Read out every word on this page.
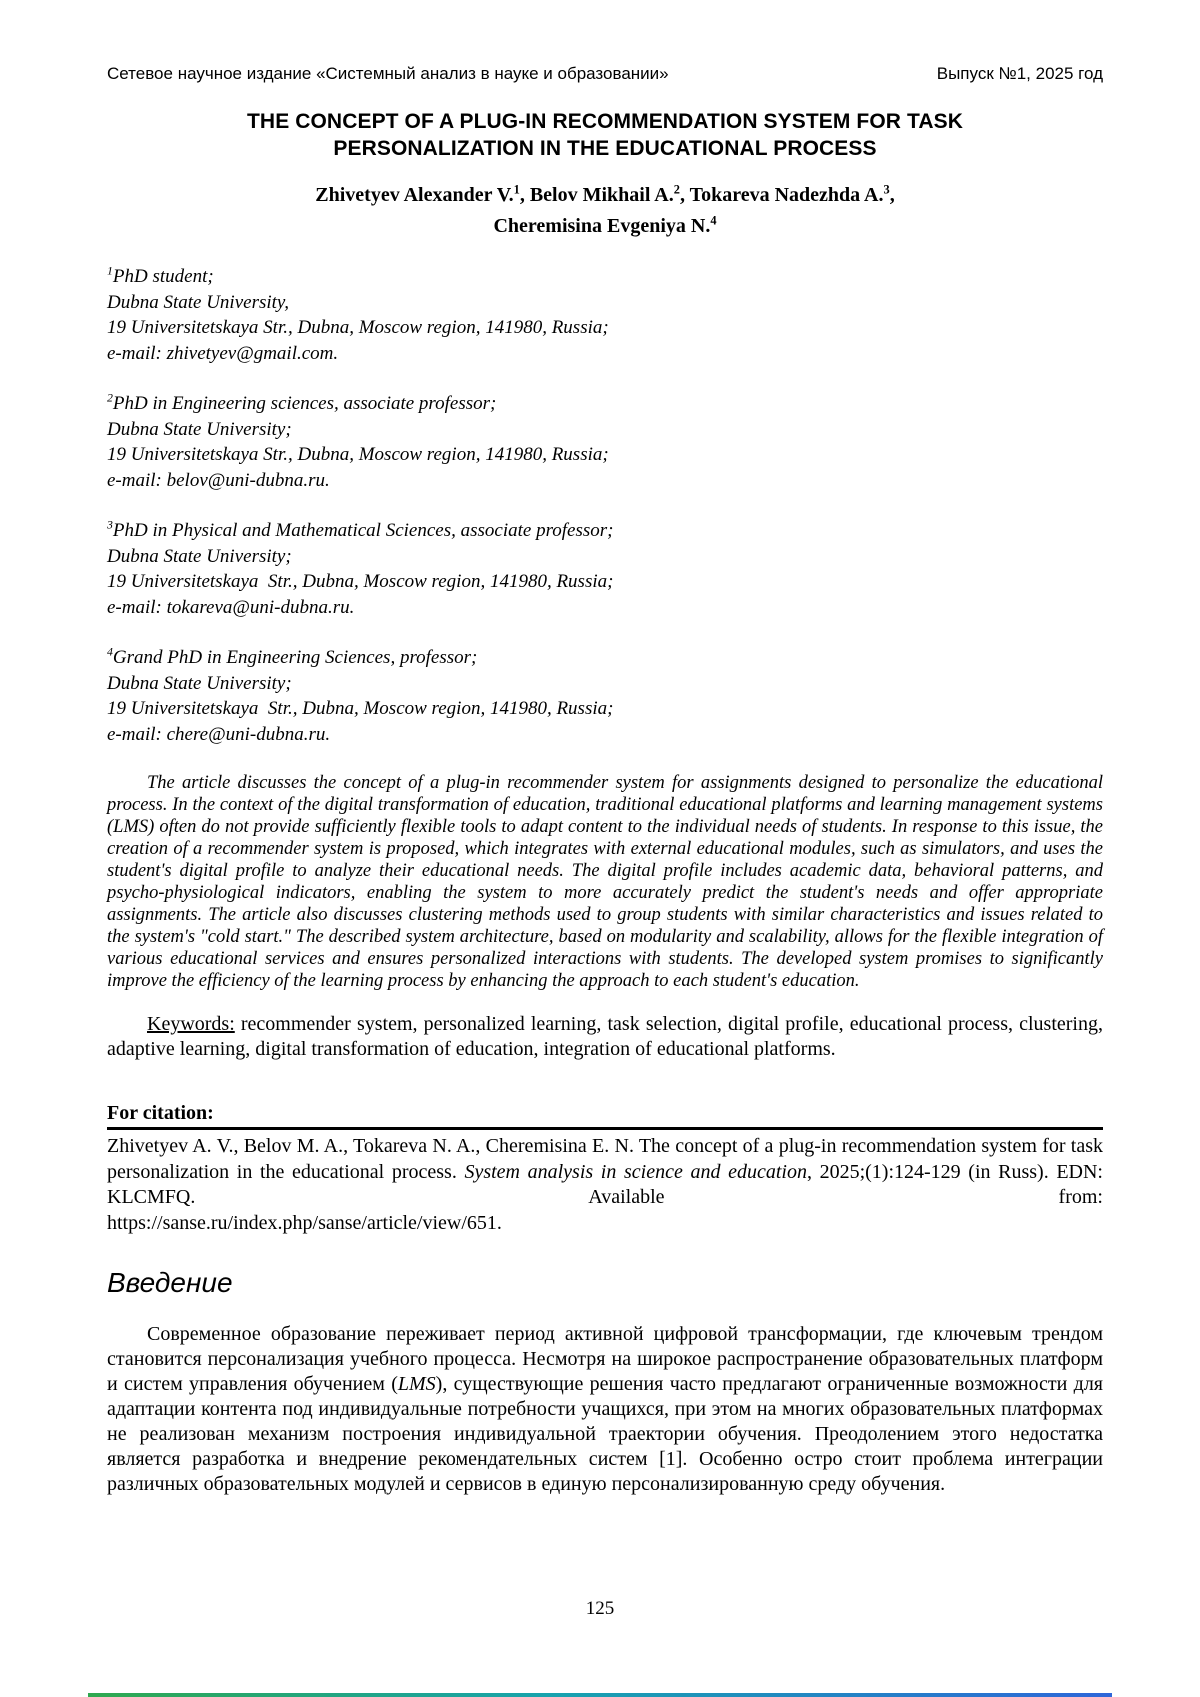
Сетевое научное издание «Системный анализ в науке и образовании»	Выпуск №1, 2025 год
THE CONCEPT OF A PLUG-IN RECOMMENDATION SYSTEM FOR TASK
PERSONALIZATION IN THE EDUCATIONAL PROCESS
Zhivetyev Alexander V.$^1$, Belov Mikhail A.$^2$, Tokareva Nadezhda A.$^3$,
Cheremisina Evgeniya N.$^4$
$^1$PhD student;
Dubna State University,
19 Universitetskaya Str., Dubna, Moscow region, 141980, Russia;
e-mail: zhivetyev@gmail.com.
$^2$PhD in Engineering sciences, associate professor;
Dubna State University;
19 Universitetskaya Str., Dubna, Moscow region, 141980, Russia;
e-mail: belov@uni-dubna.ru.
$^3$PhD in Physical and Mathematical Sciences, associate professor;
Dubna State University;
19 Universitetskaya  Str., Dubna, Moscow region, 141980, Russia;
e-mail: tokareva@uni-dubna.ru.
$^4$Grand PhD in Engineering Sciences, professor;
Dubna State University;
19 Universitetskaya  Str., Dubna, Moscow region, 141980, Russia;
e-mail: chere@uni-dubna.ru.
The article discusses the concept of a plug-in recommender system for assignments designed to personalize the educational process. In the context of the digital transformation of education, traditional educational platforms and learning management systems (LMS) often do not provide sufficiently flexible tools to adapt content to the individual needs of students. In response to this issue, the creation of a recommender system is proposed, which integrates with external educational modules, such as simulators, and uses the student's digital profile to analyze their educational needs. The digital profile includes academic data, behavioral patterns, and psycho-physiological indicators, enabling the system to more accurately predict the student's needs and offer appropriate assignments. The article also discusses clustering methods used to group students with similar characteristics and issues related to the system's "cold start." The described system architecture, based on modularity and scalability, allows for the flexible integration of various educational services and ensures personalized interactions with students. The developed system promises to significantly improve the efficiency of the learning process by enhancing the approach to each student's education.
Keywords: recommender system, personalized learning, task selection, digital profile, educational process, clustering, adaptive learning, digital transformation of education, integration of educational platforms.
For citation:
Zhivetyev A. V., Belov M. A., Tokareva N. A., Cheremisina E. N. The concept of a plug-in recommendation system for task personalization in the educational process. System analysis in science and education, 2025;(1):124-129 (in Russ). EDN: KLCMFQ. Available from:
https://sanse.ru/index.php/sanse/article/view/651.
Введение
Современное образование переживает период активной цифровой трансформации, где ключевым трендом становится персонализация учебного процесса. Несмотря на широкое распространение образовательных платформ и систем управления обучением (LMS), существующие решения часто предлагают ограниченные возможности для адаптации контента под индивидуальные потребности учащихся, при этом на многих образовательных платформах не реализован механизм построения индивидуальной траектории обучения. Преодолением этого недостатка является разработка и внедрение рекомендательных систем [1]. Особенно остро стоит проблема интеграции различных образовательных модулей и сервисов в единую персонализированную среду обучения.
125
